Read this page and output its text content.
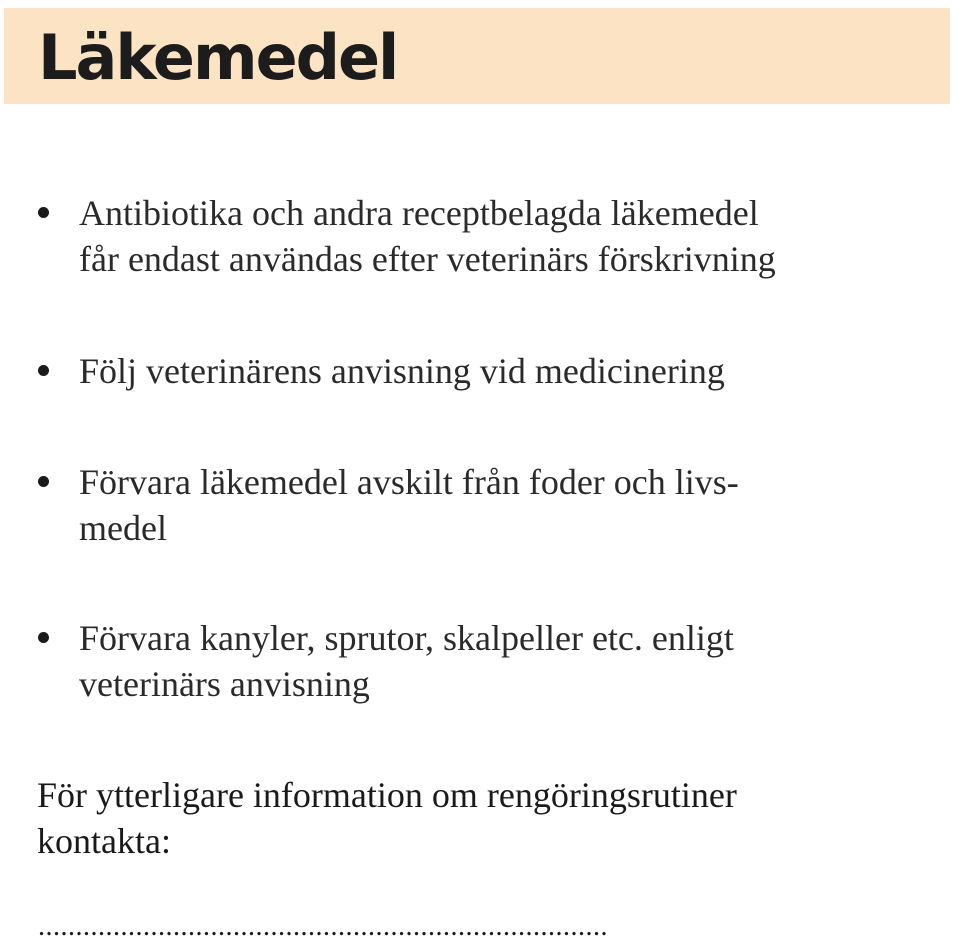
Läkemedel
Antibiotika och andra receptbelagda läkemedel
får endast användas efter veterinärs förskrivning
Följ veterinärens anvisning vid medicinering
Förvara läkemedel avskilt från foder och livs-
medel
Förvara kanyler, sprutor, skalpeller etc. enligt
veterinärs anvisning

För ytterligare information om rengöringsrutiner
kontakta:

............................................................................
